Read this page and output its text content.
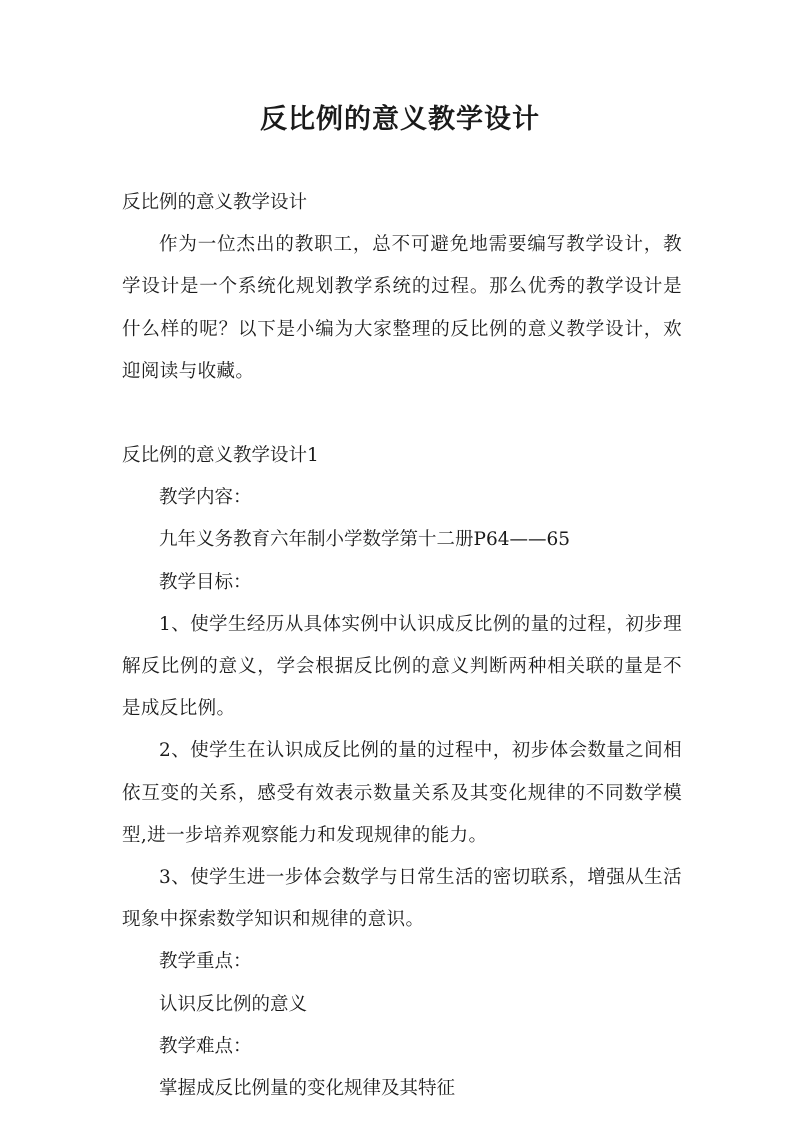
反比例的意义教学设计

反比例的意义教学设计

作为一位杰出的教职工，总不可避免地需要编写教学设计，教学设计是一个系统化规划教学系统的过程。那么优秀的教学设计是什么样的呢？以下是小编为大家整理的反比例的意义教学设计，欢迎阅读与收藏。

反比例的意义教学设计1

教学内容：

九年义务教育六年制小学数学第十二册P64——65

教学目标：

1、使学生经历从具体实例中认识成反比例的量的过程，初步理解反比例的意义，学会根据反比例的意义判断两种相关联的量是不是成反比例。

2、使学生在认识成反比例的量的过程中，初步体会数量之间相依互变的关系，感受有效表示数量关系及其变化规律的不同数学模型,进一步培养观察能力和发现规律的能力。

3、使学生进一步体会数学与日常生活的密切联系，增强从生活现象中探索数学知识和规律的意识。

教学重点：

认识反比例的意义

教学难点：

掌握成反比例量的变化规律及其特征
